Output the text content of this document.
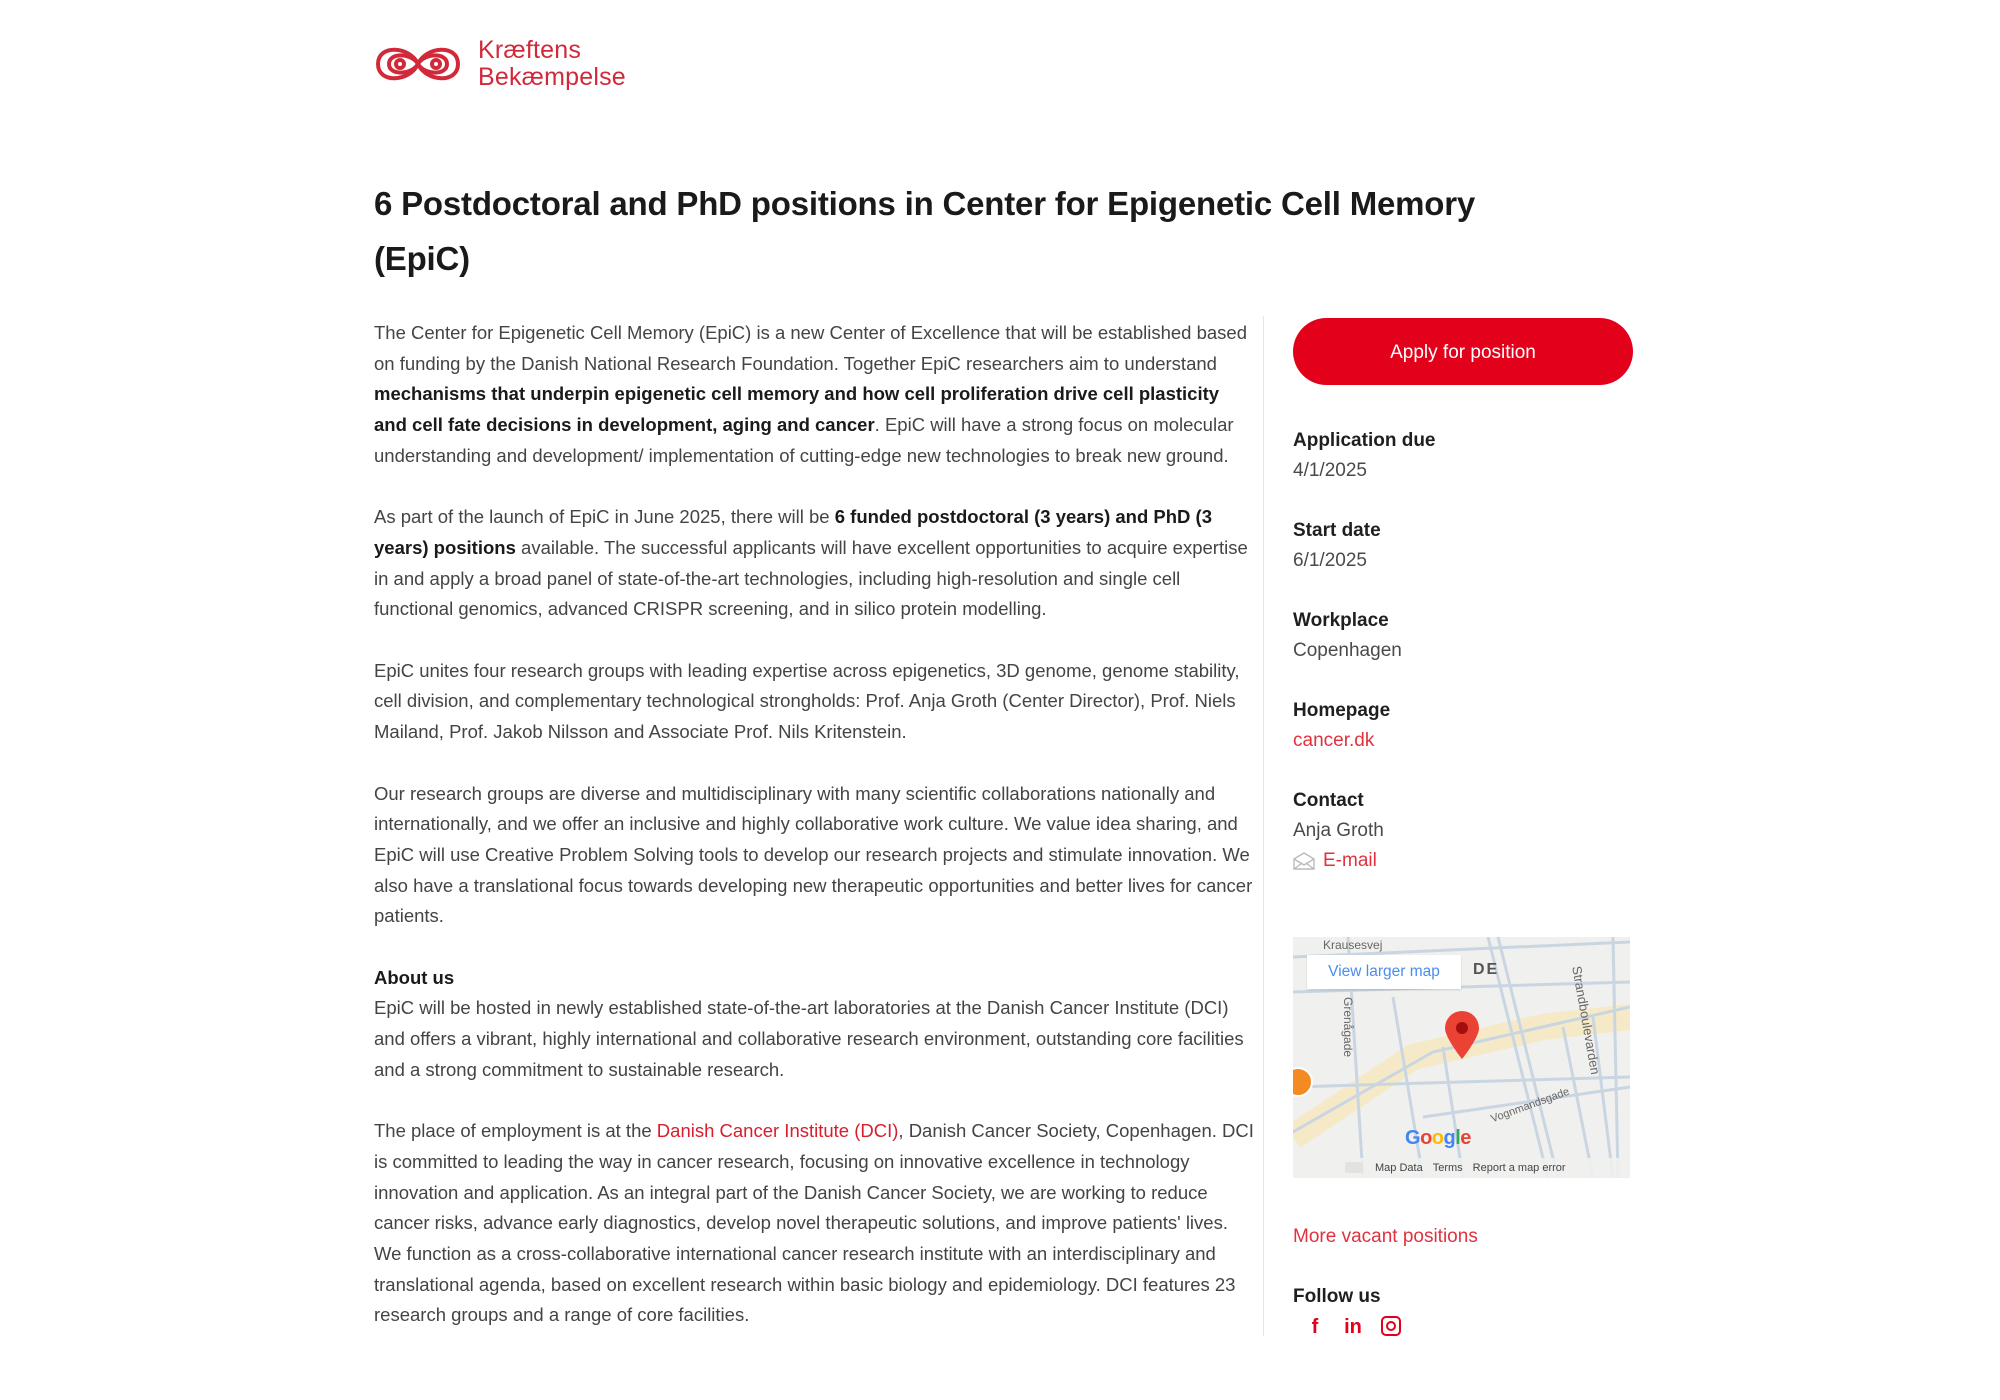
Kræftens
Bekæmpelse
6 Postdoctoral and PhD positions in Center for Epigenetic Cell Memory (EpiC)

The Center for Epigenetic Cell Memory (EpiC) is a new Center of Excellence that will be established based on funding by the Danish National Research Foundation. Together EpiC researchers aim to understand mechanisms that underpin epigenetic cell memory and how cell proliferation drive cell plasticity and cell fate decisions in development, aging and cancer. EpiC will have a strong focus on molecular understanding and development/ implementation of cutting-edge new technologies to break new ground.

As part of the launch of EpiC in June 2025, there will be 6 funded postdoctoral (3 years) and PhD (3 years) positions available. The successful applicants will have excellent opportunities to acquire expertise in and apply a broad panel of state-of-the-art technologies, including high-resolution and single cell functional genomics, advanced CRISPR screening, and in silico protein modelling.

EpiC unites four research groups with leading expertise across epigenetics, 3D genome, genome stability, cell division, and complementary technological strongholds: Prof. Anja Groth (Center Director), Prof. Niels Mailand, Prof. Jakob Nilsson and Associate Prof. Nils Kritenstein.

Our research groups are diverse and multidisciplinary with many scientific collaborations nationally and internationally, and we offer an inclusive and highly collaborative work culture. We value idea sharing, and EpiC will use Creative Problem Solving tools to develop our research projects and stimulate innovation. We also have a translational focus towards developing new therapeutic opportunities and better lives for cancer patients.

About us
EpiC will be hosted in newly established state-of-the-art laboratories at the Danish Cancer Institute (DCI) and offers a vibrant, highly international and collaborative research environment, outstanding core facilities and a strong commitment to sustainable research.

The place of employment is at the Danish Cancer Institute (DCI), Danish Cancer Society, Copenhagen. DCI is committed to leading the way in cancer research, focusing on innovative excellence in technology innovation and application. As an integral part of the Danish Cancer Society, we are working to reduce cancer risks, advance early diagnostics, develop novel therapeutic solutions, and improve patients' lives. We function as a cross-collaborative international cancer research institute with an interdisciplinary and translational agenda, based on excellent research within basic biology and epidemiology. DCI features 23 research groups and a range of core facilities.

Apply for position
Application due
4/1/2025
Start date
6/1/2025
Workplace
Copenhagen
Homepage
cancer.dk
Contact
Anja Groth
E-mail
Krausesvej
Grenågade	Strandboulevarden
Vognmandsgade
DE
View larger map
Google
Map Data Terms Report a map error
More vacant positions
Follow us
f	in
